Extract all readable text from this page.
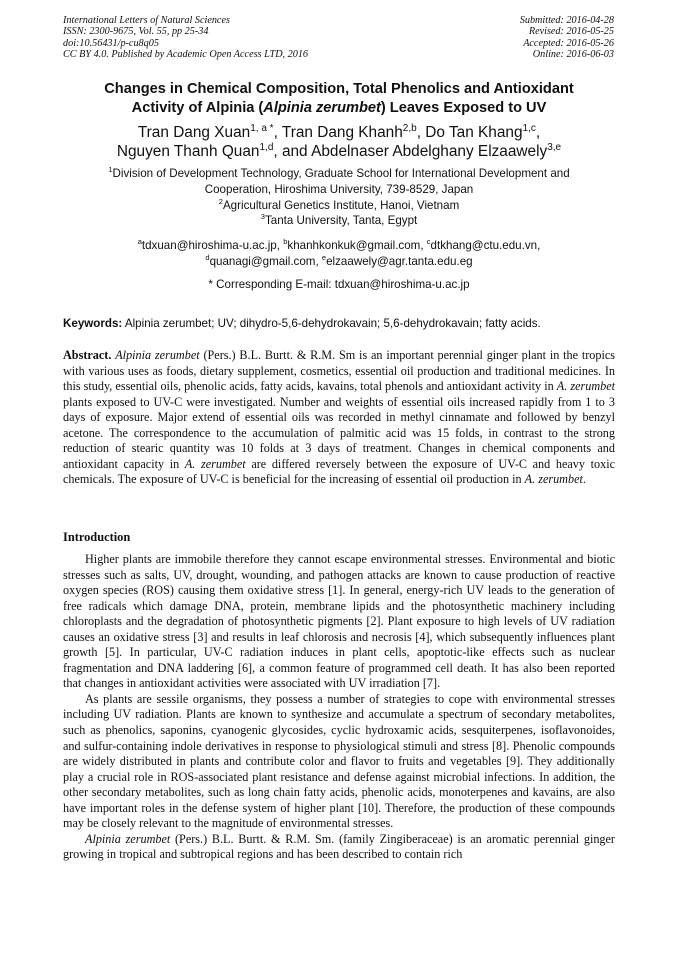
International Letters of Natural Sciences
ISSN: 2300-9675, Vol. 55, pp 25-34
doi:10.56431/p-cu8q05
CC BY 4.0. Published by Academic Open Access LTD, 2016
Submitted: 2016-04-28
Revised: 2016-05-25
Accepted: 2016-05-26
Online: 2016-06-03
Changes in Chemical Composition, Total Phenolics and Antioxidant
Activity of Alpinia (Alpinia zerumbet) Leaves Exposed to UV
Tran Dang Xuan$^{1, a *}$, Tran Dang Khanh$^{2,b}$, Do Tan Khang$^{1,c}$,
Nguyen Thanh Quan$^{1,d}$, and Abdelnaser Abdelghany Elzaawely$^{3,e}$
$^1$Division of Development Technology, Graduate School for International Development and
Cooperation, Hiroshima University, 739-8529, Japan
$^2$Agricultural Genetics Institute, Hanoi, Vietnam
$^3$Tanta University, Tanta, Egypt
$^a$tdxuan@hiroshima-u.ac.jp, $^b$khanhkonkuk@gmail.com, $^c$dtkhang@ctu.edu.vn,
$^d$quanagi@gmail.com, $^e$elzaawely@agr.tanta.edu.eg
* Corresponding E-mail: tdxuan@hiroshima-u.ac.jp
Keywords: Alpinia zerumbet; UV; dihydro-5,6-dehydrokavain; 5,6-dehydrokavain; fatty acids.
Abstract. Alpinia zerumbet (Pers.) B.L. Burtt. & R.M. Sm is an important perennial ginger plant in the tropics with various uses as foods, dietary supplement, cosmetics, essential oil production and traditional medicines. In this study, essential oils, phenolic acids, fatty acids, kavains, total phenols and antioxidant activity in A. zerumbet plants exposed to UV-C were investigated. Number and weights of essential oils increased rapidly from 1 to 3 days of exposure. Major extend of essential oils was recorded in methyl cinnamate and followed by benzyl acetone. The correspondence to the accumulation of palmitic acid was 15 folds, in contrast to the strong reduction of stearic quantity was 10 folds at 3 days of treatment. Changes in chemical components and antioxidant capacity in A. zerumbet are differed reversely between the exposure of UV-C and heavy toxic chemicals. The exposure of UV-C is beneficial for the increasing of essential oil production in A. zerumbet.
Introduction

Higher plants are immobile therefore they cannot escape environmental stresses. Environmental and biotic stresses such as salts, UV, drought, wounding, and pathogen attacks are known to cause production of reactive oxygen species (ROS) causing them oxidative stress [1]. In general, energy-rich UV leads to the generation of free radicals which damage DNA, protein, membrane lipids and the photosynthetic machinery including chloroplasts and the degradation of photosynthetic pigments [2]. Plant exposure to high levels of UV radiation causes an oxidative stress [3] and results in leaf chlorosis and necrosis [4], which subsequently influences plant growth [5]. In particular, UV-C radiation induces in plant cells, apoptotic-like effects such as nuclear fragmentation and DNA laddering [6], a common feature of programmed cell death. It has also been reported that changes in antioxidant activities were associated with UV irradiation [7].

As plants are sessile organisms, they possess a number of strategies to cope with environmental stresses including UV radiation. Plants are known to synthesize and accumulate a spectrum of secondary metabolites, such as phenolics, saponins, cyanogenic glycosides, cyclic hydroxamic acids, sesquiterpenes, isoflavonoides, and sulfur-containing indole derivatives in response to physiological stimuli and stress [8]. Phenolic compounds are widely distributed in plants and contribute color and flavor to fruits and vegetables [9]. They additionally play a crucial role in ROS-associated plant resistance and defense against microbial infections. In addition, the other secondary metabolites, such as long chain fatty acids, phenolic acids, monoterpenes and kavains, are also have important roles in the defense system of higher plant [10]. Therefore, the production of these compounds may be closely relevant to the magnitude of environmental stresses.

Alpinia zerumbet (Pers.) B.L. Burtt. & R.M. Sm. (family Zingiberaceae) is an aromatic perennial ginger growing in tropical and subtropical regions and has been described to contain rich
